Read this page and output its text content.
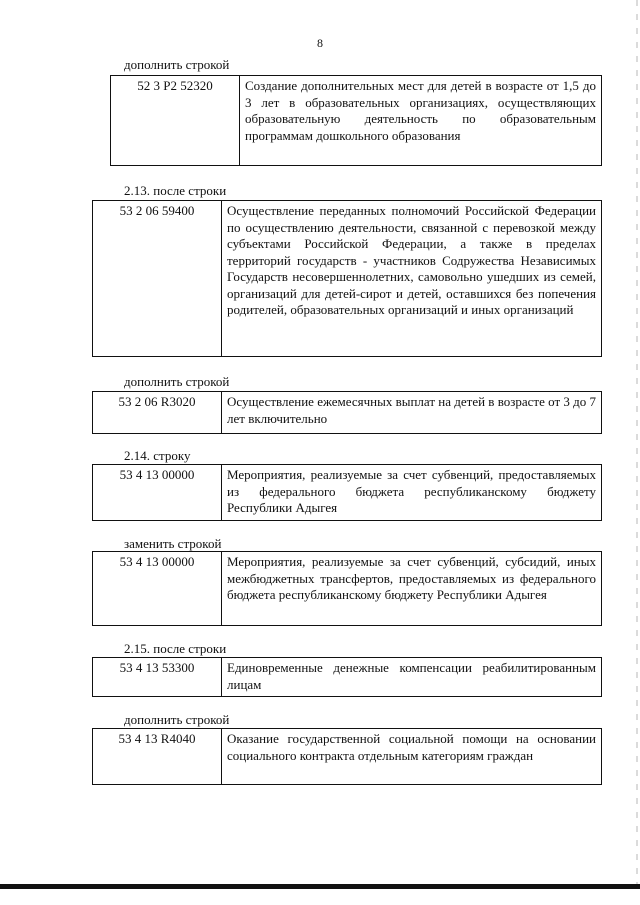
8
дополнить строкой
52 3 P2 52320	Создание дополнительных мест для детей в возрасте от 1,5 до 3 лет в образовательных организациях, осуществляющих образовательную деятельность по образовательным программам дошкольного образования
2.13. после строки
53 2 06 59400	Осуществление переданных полномочий Российской Федерации по осуществлению деятельности, связанной с перевозкой между субъектами Российской Федерации, а также в пределах территорий государств - участников Содружества Независимых Государств несовершеннолетних, самовольно ушедших из семей, организаций для детей-сирот и детей, оставшихся без попечения родителей, образовательных организаций и иных организаций
дополнить строкой
53 2 06 R3020	Осуществление ежемесячных выплат на детей в возрасте от 3 до 7 лет включительно
2.14. строку
53 4 13 00000	Мероприятия, реализуемые за счет субвенций, предоставляемых из федерального бюджета республиканскому бюджету Республики Адыгея
заменить строкой
53 4 13 00000	Мероприятия, реализуемые за счет субвенций, субсидий, иных межбюджетных трансфертов, предоставляемых из федерального бюджета республиканскому бюджету Республики Адыгея
2.15. после строки
53 4 13 53300	Единовременные денежные компенсации реабилитированным лицам
дополнить строкой
53 4 13 R4040	Оказание государственной социальной помощи на основании социального контракта отдельным категориям граждан
